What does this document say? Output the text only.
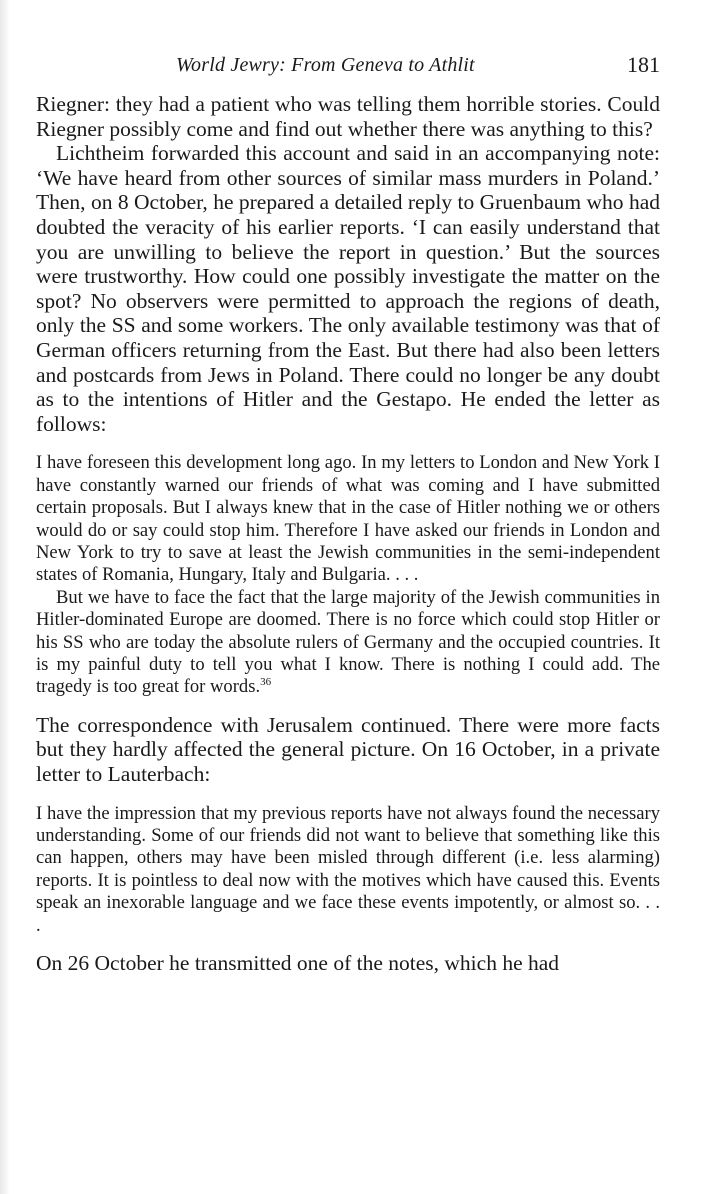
World Jewry: From Geneva to Athlit	181

Riegner: they had a patient who was telling them horrible stories. Could Riegner possibly come and find out whether there was anything to this?

Lichtheim forwarded this account and said in an accompanying note: ‘We have heard from other sources of similar mass murders in Poland.’ Then, on 8 October, he prepared a detailed reply to Gruenbaum who had doubted the veracity of his earlier reports. ‘I can easily understand that you are unwilling to believe the report in question.’ But the sources were trustworthy. How could one possibly investigate the matter on the spot? No observers were permitted to approach the regions of death, only the SS and some workers. The only available testimony was that of German officers returning from the East. But there had also been letters and postcards from Jews in Poland. There could no longer be any doubt as to the intentions of Hitler and the Gestapo. He ended the letter as follows:

I have foreseen this development long ago. In my letters to London and New York I have constantly warned our friends of what was coming and I have submitted certain proposals. But I always knew that in the case of Hitler nothing we or others would do or say could stop him. Therefore I have asked our friends in London and New York to try to save at least the Jewish communities in the semi-independent states of Romania, Hungary, Italy and Bulgaria. . . .

But we have to face the fact that the large majority of the Jewish communities in Hitler-dominated Europe are doomed. There is no force which could stop Hitler or his SS who are today the absolute rulers of Germany and the occupied countries. It is my painful duty to tell you what I know. There is nothing I could add. The tragedy is too great for words.$^{36}$

The correspondence with Jerusalem continued. There were more facts but they hardly affected the general picture. On 16 October, in a private letter to Lauterbach:

I have the impression that my previous reports have not always found the necessary understanding. Some of our friends did not want to believe that something like this can happen, others may have been misled through different (i.e. less alarming) reports. It is pointless to deal now with the motives which have caused this. Events speak an inexorable language and we face these events impotently, or almost so. . . .

On 26 October he transmitted one of the notes, which he had
